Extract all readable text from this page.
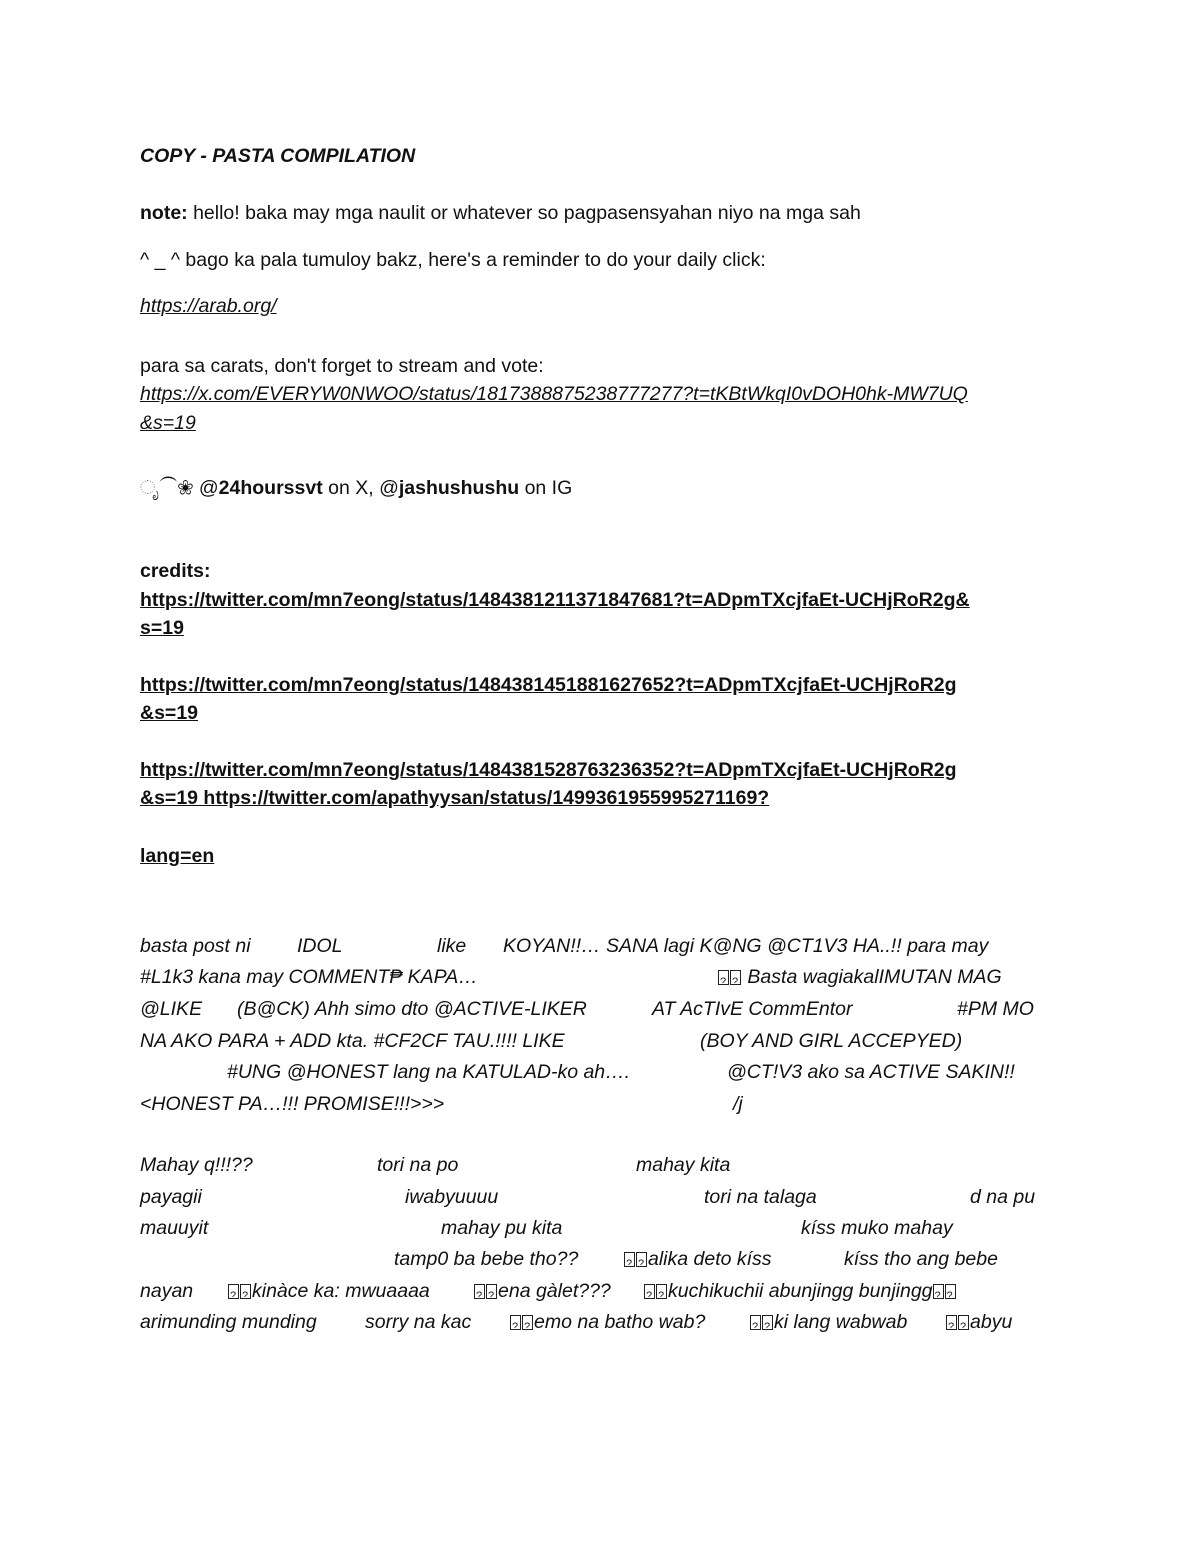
COPY - PASTA COMPILATION
note: hello! baka may mga naulit or whatever so pagpasensyahan niyo na mga sah
^ _ ^ bago ka pala tumuloy bakz, here's a reminder to do your daily click:
https://arab.org/
para sa carats, don't forget to stream and vote:
https://x.com/EVERYW0NWOO/status/1817388875238777277?t=tKBtWkqI0vDOH0hk-MW7UQ
&s=19
ೃ⁀❀ @24hourssvt on X, @jashushushu on IG
credits:
https://twitter.com/mn7eong/status/1484381211371847681?t=ADpmTXcjfaEt-UCHjRoR2g&
s=19
https://twitter.com/mn7eong/status/1484381451881627652?t=ADpmTXcjfaEt-UCHjRoR2g
&s=19
https://twitter.com/mn7eong/status/1484381528763236352?t=ADpmTXcjfaEt-UCHjRoR2g
&s=19 https://twitter.com/apathyysan/status/1499361955995271169?
lang=en
basta post ni IDOL	like KOYAN!!… SANA lagi K@NG @CT1V3 HA..!! para may
#L1k3 kana may COMMENT₱ KAPA… ? ?	Basta wagiakalIMUTAN MAG
@LIKE (B@CK) Ahh simo dto @ACTIVE-LIKER	AT AcTIvE CommEntor	#PM MO
NA AKO PARA + ADD kta. #CF2CF TAU.!!!! LIKE	(BOY AND GIRL ACCEPYED)
#UNG @HONEST lang na KATULAD-ko ah….	@CT!V3 ako sa ACTIVE SAKIN!!
<HONEST PA…!!! PROMISE!!!>>>	/j
Mahay q!!!??	tori na po	mahay kita
payagii	iwabyuuuu	tori na talaga	d na pu
mauuyit	mahay pu kita	kíss muko mahay
tamp0 ba bebe tho?? ? ?	alika deto kíss	kíss tho ang bebe
nayan ? ?	kinàce ka: mwuaaaa ? ?	ena gàlet??? ? ?	kuchikuchii abunjingg bunjingg ? ?
arimunding munding sorry na kac ? ?	emo na batho wab? ? ?	ki lang wabwab ? ?	abyu
